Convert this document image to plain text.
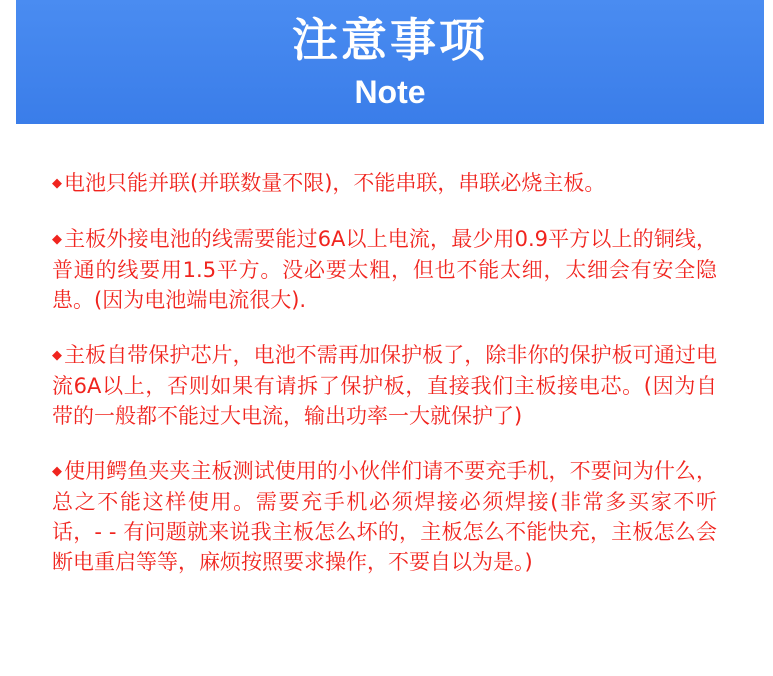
注意事项
Note

◆电池只能并联(并联数量不限)，不能串联，串联必烧主板。

◆主板外接电池的线需要能过6A以上电流，最少用0.9平方以上的铜线，普通的线要用1.5平方。没必要太粗，但也不能太细，太细会有安全隐患。(因为电池端电流很大).

◆主板自带保护芯片，电池不需再加保护板了，除非你的保护板可通过电流6A以上，否则如果有请拆了保护板，直接我们主板接电芯。(因为自 带的一般都不能过大电流，输出功率一大就保护了)

◆使用鳄鱼夹夹主板测试使用的小伙伴们请不要充手机，不要问为什么，总之不能这样使用。需要充手机必须焊接必须焊接(非常多买家不听话，- - 有问题就来说我主板怎么坏的，主板怎么不能快充，主板怎么会断电重启等等，麻烦按照要求操作，不要自以为是。)
